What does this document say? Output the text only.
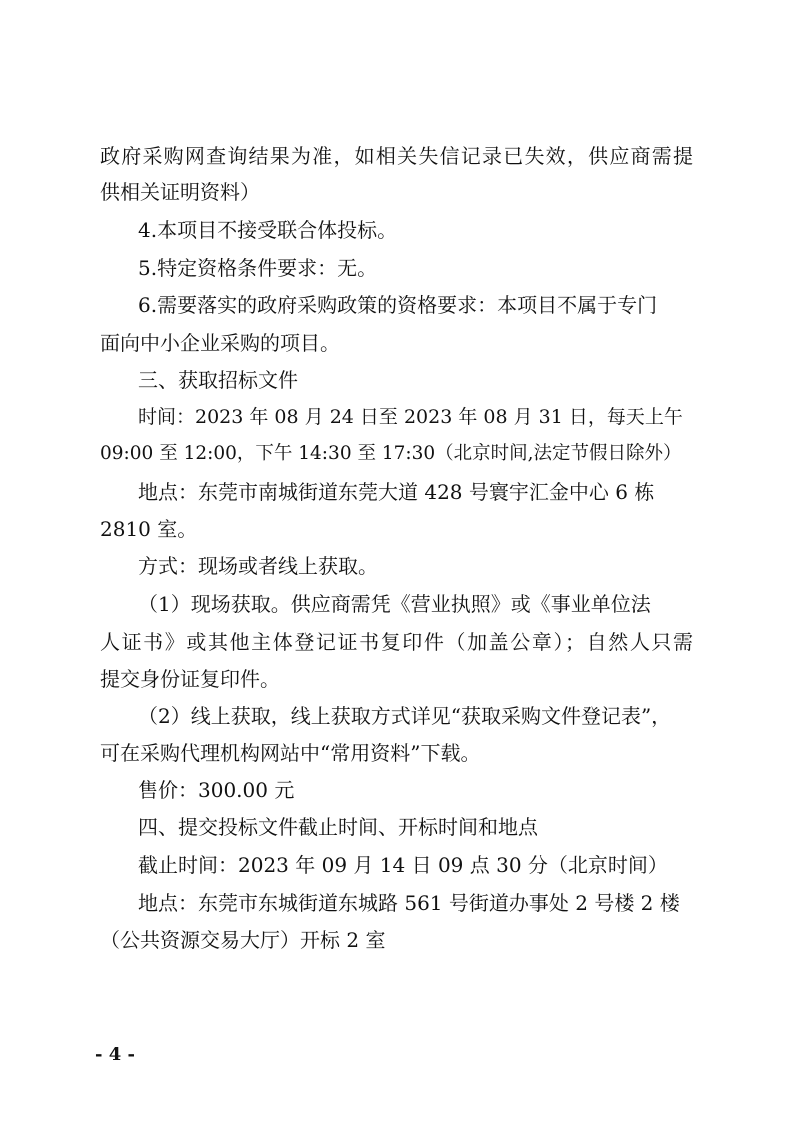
政府采购网查询结果为准，如相关失信记录已失效，供应商需提
供相关证明资料）
4.本项目不接受联合体投标。
5.特定资格条件要求：无。
6.需要落实的政府采购政策的资格要求：本项目不属于专门
面向中小企业采购的项目。
三、获取招标文件
时间：2023 年 08 月 24 日至 2023 年 08 月 31 日，每天上午
09:00 至 12:00，下午 14:30 至 17:30（北京时间,法定节假日除外）
地点：东莞市南城街道东莞大道 428 号寰宇汇金中心 6 栋
2810 室。
方式：现场或者线上获取。
（1）现场获取。供应商需凭《营业执照》或《事业单位法
人证书》或其他主体登记证书复印件（加盖公章）；自然人只需
提交身份证复印件。
（2）线上获取，线上获取方式详见“获取采购文件登记表”，
可在采购代理机构网站中“常用资料”下载。
售价：300.00 元
四、提交投标文件截止时间、开标时间和地点
截止时间：2023 年 09 月 14 日 09 点 30 分（北京时间）
地点：东莞市东城街道东城路 561 号街道办事处 2 号楼 2 楼
（公共资源交易大厅）开标 2 室
- 4 -
